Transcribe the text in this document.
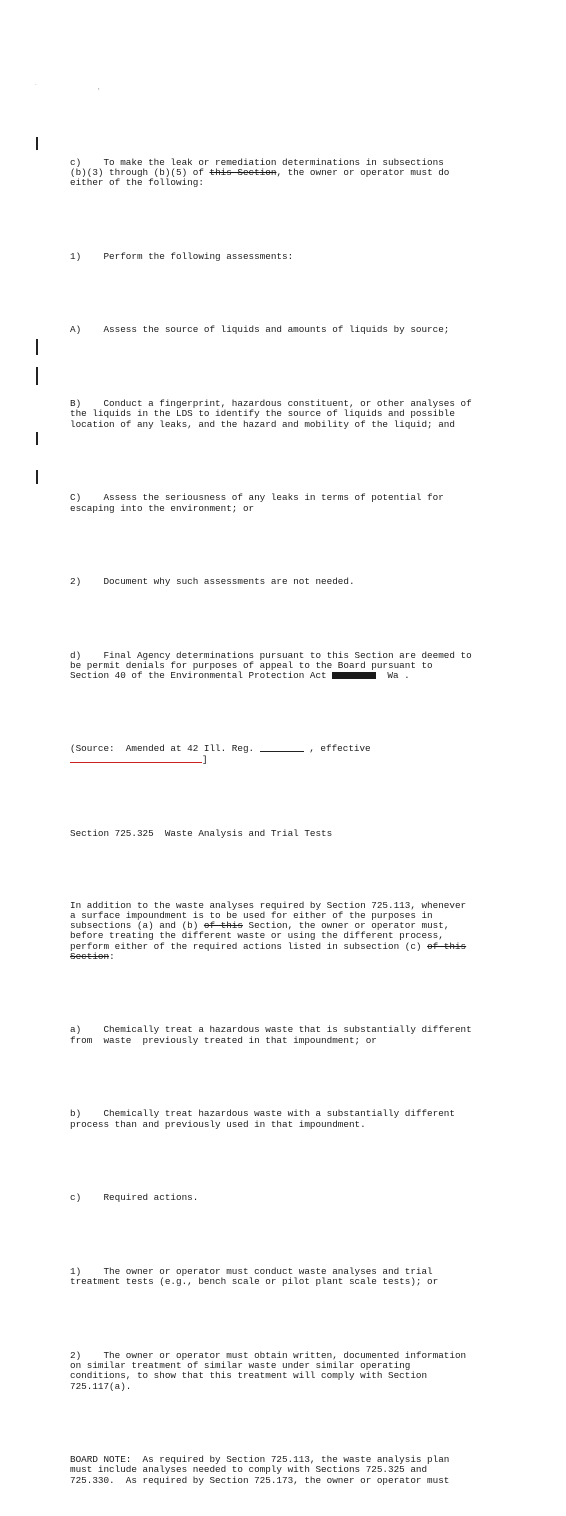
` ,

c)    To make the leak or remediation determinations in subsections
(b)(3) through (b)(5) of this Section, the owner or operator must do
either of the following:

1)    Perform the following assessments:

A)    Assess the source of liquids and amounts of liquids by source;

B)    Conduct a fingerprint, hazardous constituent, or other analyses of
the liquids in the LDS to identify the source of liquids and possible
location of any leaks, and the hazard and mobility of the liquid; and

C)    Assess the seriousness of any leaks in terms of potential for
escaping into the environment; or

2)    Document why such assessments are not needed.

d)    Final Agency determinations pursuant to this Section are deemed to
be permit denials for purposes of appeal to the Board pursuant to
Section 40 of the Environmental Protection Act	Wa .

(Source:  Amended at 42 Ill. Reg.	, effective
]

Section 725.325  Waste Analysis and Trial Tests

In addition to the waste analyses required by Section 725.113, whenever
a surface impoundment is to be used for either of the purposes in
subsections (a) and (b) of this Section, the owner or operator must,
before treating the different waste or using the different process,
perform either of the required actions listed in subsection (c) of this
Section:

a)    Chemically treat a hazardous waste that is substantially different
from  waste  previously treated in that impoundment; or

b)    Chemically treat hazardous waste with a substantially different
process than and previously used in that impoundment.

c)    Required actions.

1)    The owner or operator must conduct waste analyses and trial
treatment tests (e.g., bench scale or pilot plant scale tests); or

2)    The owner or operator must obtain written, documented information
on similar treatment of similar waste under similar operating
conditions, to show that this treatment will comply with Section
725.117(a).

BOARD NOTE:  As required by Section 725.113, the waste analysis plan
must include analyses needed to comply with Sections 725.325 and
725.330.  As required by Section 725.173, the owner or operator must
